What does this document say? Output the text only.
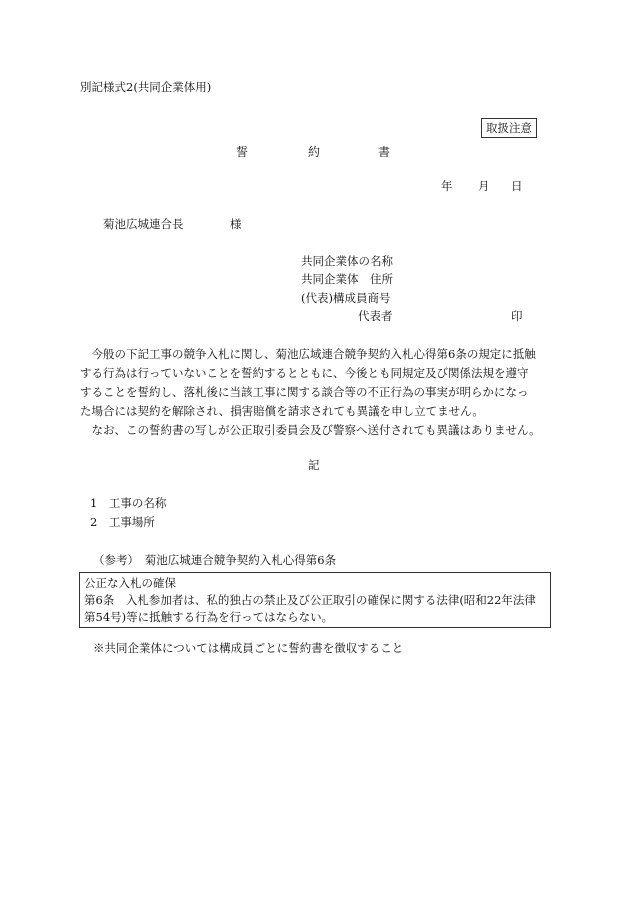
別記様式2(共同企業体用)
取扱注意
誓	約	書
年 月 日
菊池広城連合長	様
共同企業体の名称
共同企業体　住所
(代表)構成員商号
代表者	印

　今般の下記工事の競争入札に関し、菊池広域連合競争契約入札心得第6条の規定に抵触
する行為は行っていないことを誓約するとともに、今後とも同規定及び関係法規を遵守
することを誓約し、落札後に当該工事に関する談合等の不正行為の事実が明らかになっ
た場合には契約を解除され、損害賠償を請求されても異議を申し立てません。

　なお、この誓約書の写しが公正取引委員会及び警察へ送付されても異議はありません。

記
1　工事の名称
2　工事場所
（参考）　菊池広城連合競争契約入札心得第6条
公正な入札の確保
第6条　入札参加者は、私的独占の禁止及び公正取引の確保に関する法律(昭和22年法律
第54号)等に抵触する行為を行ってはならない。
※共同企業体については構成員ごとに誓約書を徴収すること
